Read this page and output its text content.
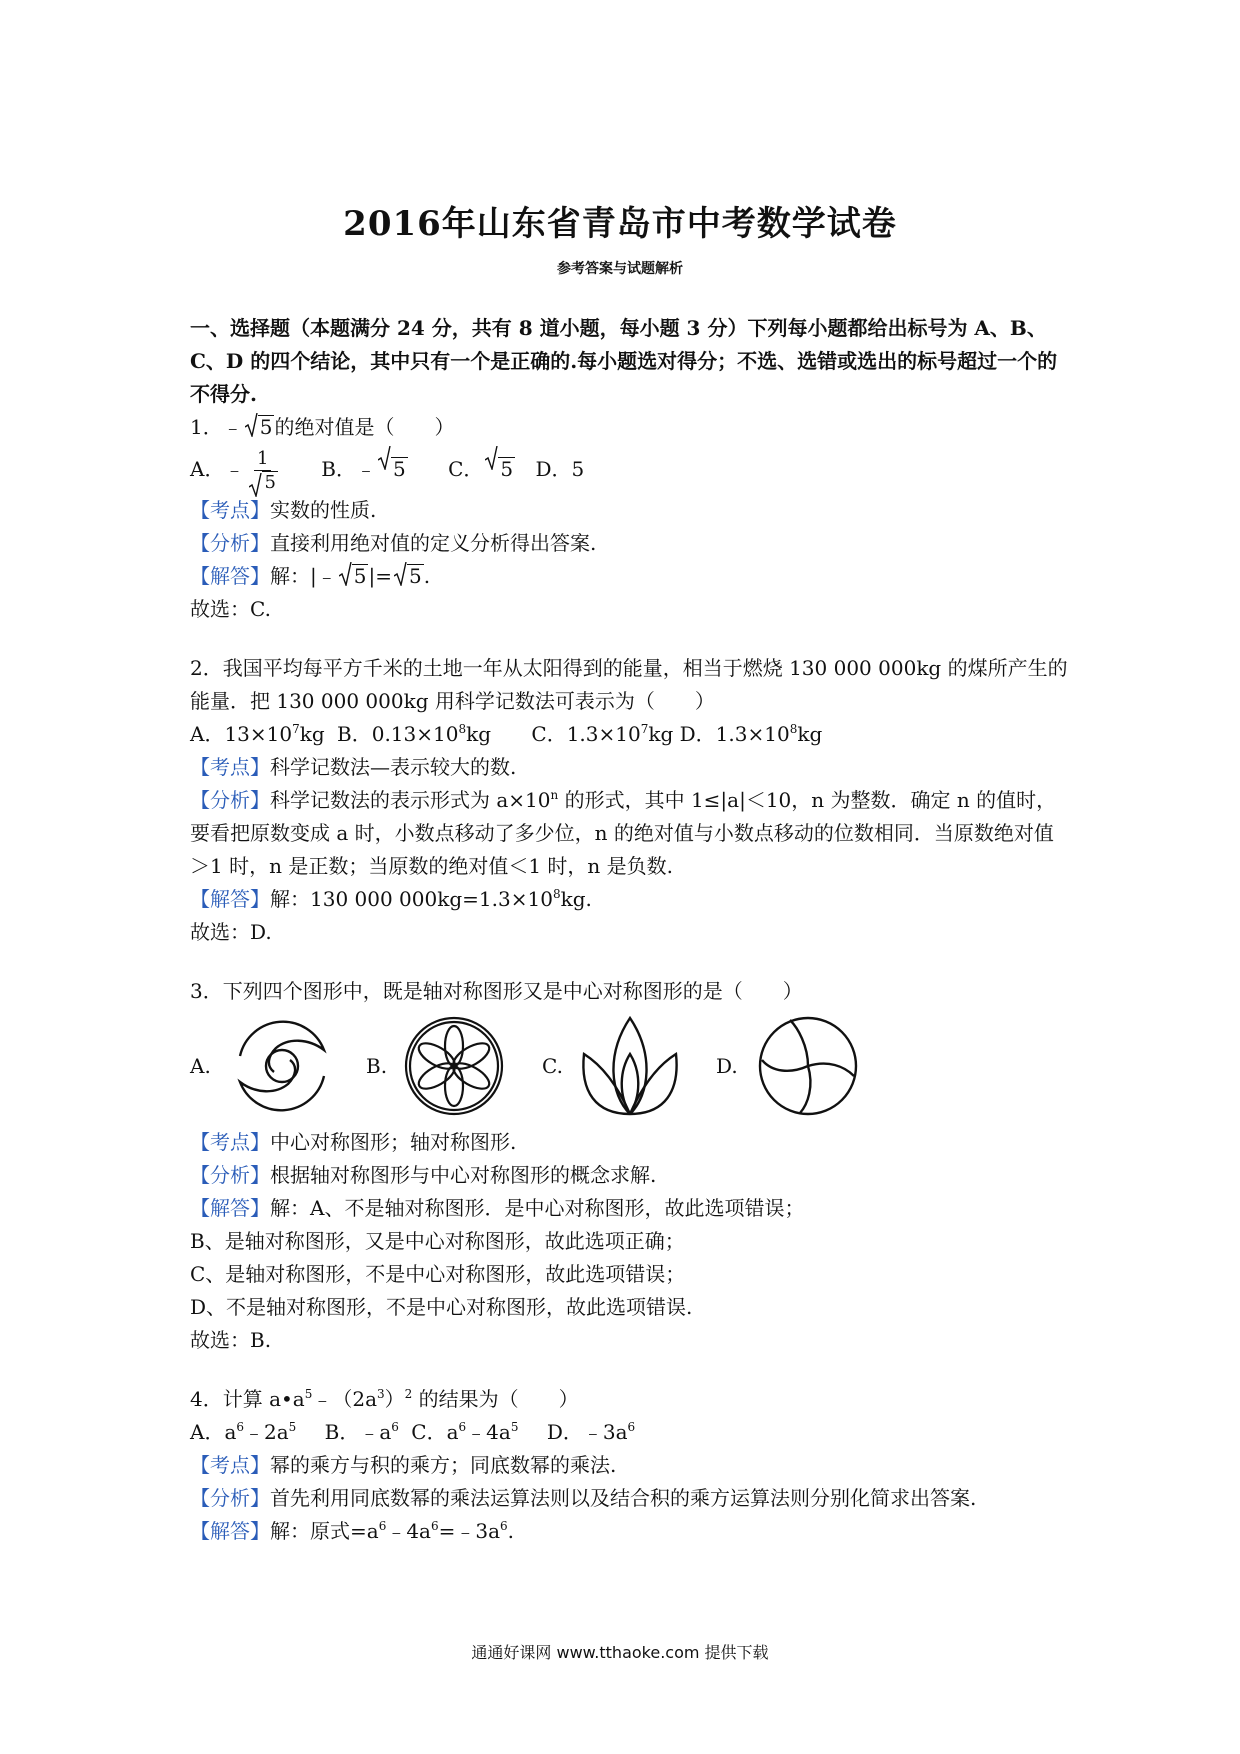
2016年山东省青岛市中考数学试卷
参考答案与试题解析
一、选择题（本题满分 24 分，共有 8 道小题，每小题 3 分）下列每小题都给出标号为 A、B、C、D 的四个结论，其中只有一个是正确的.每小题选对得分；不选、选错或选出的标号超过一个的不得分.
1．﹣ 5 的绝对值是（　　）
A．﹣ $\frac{1}{5}$ B．﹣ 5 C． 5 D．5
【考点】实数的性质.
【分析】直接利用绝对值的定义分析得出答案.
【解答】解：|﹣ 5 |= 5 .
故选：C.
2．我国平均每平方千米的土地一年从太阳得到的能量，相当于燃烧 130 000 000kg 的煤所产生的能量．把 130 000 000kg 用科学记数法可表示为（　　）
A．$13\times 10^7kg$ B．$0.13\times 10^8kg$ C．$1.3\times 10^7kg$ D．$1.3\times 10^8kg$
【考点】科学记数法—表示较大的数.
【分析】科学记数法的表示形式为 $a\times 10^n$ 的形式，其中 1≤|a|＜10，n 为整数．确定 n 的值时，要看把原数变成 a 时，小数点移动了多少位，n 的绝对值与小数点移动的位数相同．当原数绝对值＞1 时，n 是正数；当原数的绝对值＜1 时，n 是负数.
【解答】解：130 000 $000kg=1.3\times 10^8kg$.
故选：D.
3．下列四个图形中，既是轴对称图形又是中心对称图形的是（　　）
A.	B.	C.	D.
【考点】中心对称图形；轴对称图形.
【分析】根据轴对称图形与中心对称图形的概念求解.
【解答】解：A、不是轴对称图形．是中心对称图形，故此选项错误；
B、是轴对称图形，又是中心对称图形，故此选项正确；
C、是轴对称图形，不是中心对称图形，故此选项错误；
D、不是轴对称图形，不是中心对称图形，故此选项错误.
故选：B.
4．计算 $a•a^5﹣(2a^3)^2$ 的结果为（　　）
A．$a^6﹣2a^5$ B．$﹣a^6$ C．$a^6﹣4a^5$ D．$﹣3a^6$
【考点】幂的乘方与积的乘方；同底数幂的乘法.
【分析】首先利用同底数幂的乘法运算法则以及结合积的乘方运算法则分别化简求出答案.
【解答】解：原式$=a^6﹣4a^6=﹣3a^6$.
通通好课网 www.tthaoke.com 提供下载
